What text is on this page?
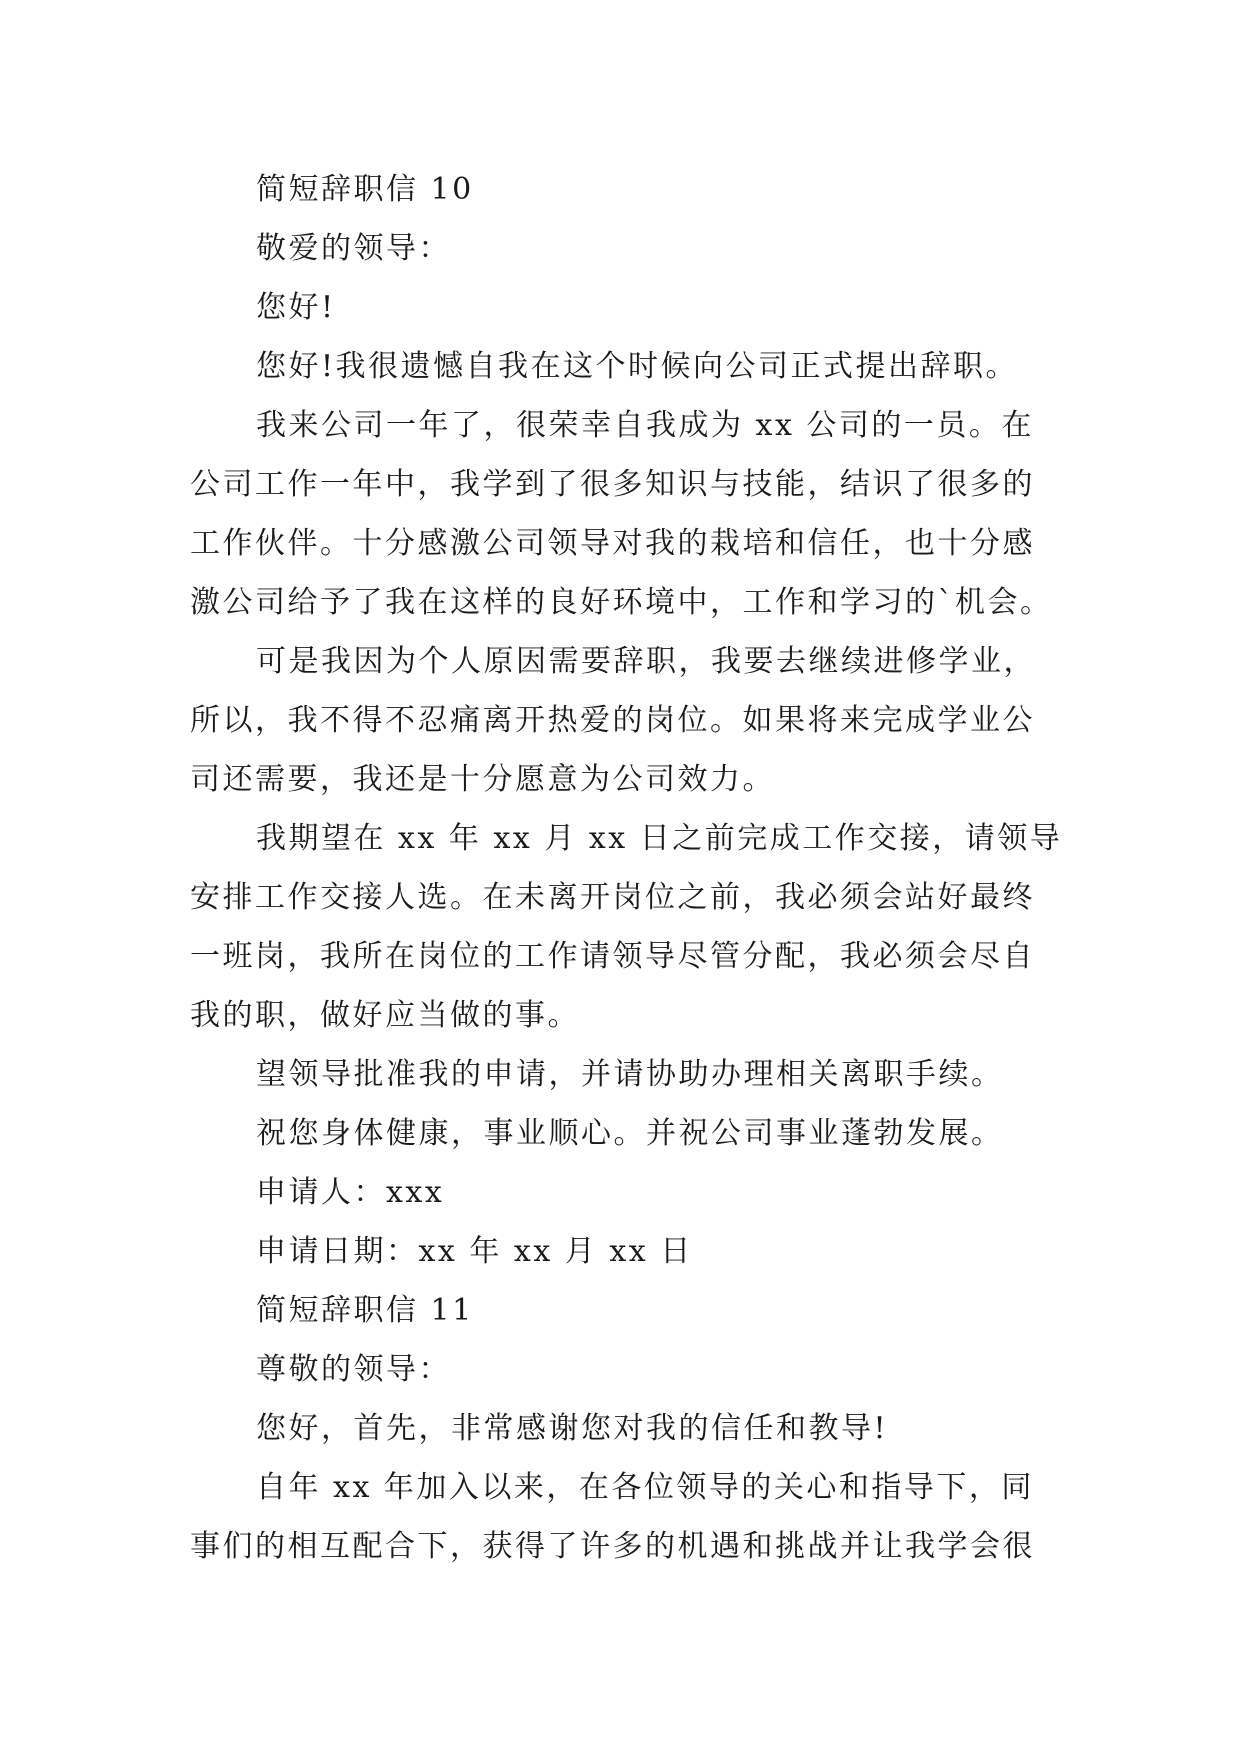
简短辞职信 10
敬爱的领导：
您好!
您好!我很遗憾自我在这个时候向公司正式提出辞职。
我来公司一年了，很荣幸自我成为 xx 公司的一员。在
公司工作一年中，我学到了很多知识与技能，结识了很多的
工作伙伴。十分感激公司领导对我的栽培和信任，也十分感
激公司给予了我在这样的良好环境中，工作和学习的`机会。
可是我因为个人原因需要辞职，我要去继续进修学业，
所以，我不得不忍痛离开热爱的岗位。如果将来完成学业公
司还需要，我还是十分愿意为公司效力。
我期望在 xx 年 xx 月 xx 日之前完成工作交接，请领导
安排工作交接人选。在未离开岗位之前，我必须会站好最终
一班岗，我所在岗位的工作请领导尽管分配，我必须会尽自
我的职，做好应当做的事。
望领导批准我的申请，并请协助办理相关离职手续。
祝您身体健康，事业顺心。并祝公司事业蓬勃发展。
申请人：xxx
申请日期：xx 年 xx 月 xx 日
简短辞职信 11
尊敬的领导：
您好，首先，非常感谢您对我的信任和教导!
自年 xx 年加入以来，在各位领导的关心和指导下，同
事们的相互配合下，获得了许多的机遇和挑战并让我学会很
